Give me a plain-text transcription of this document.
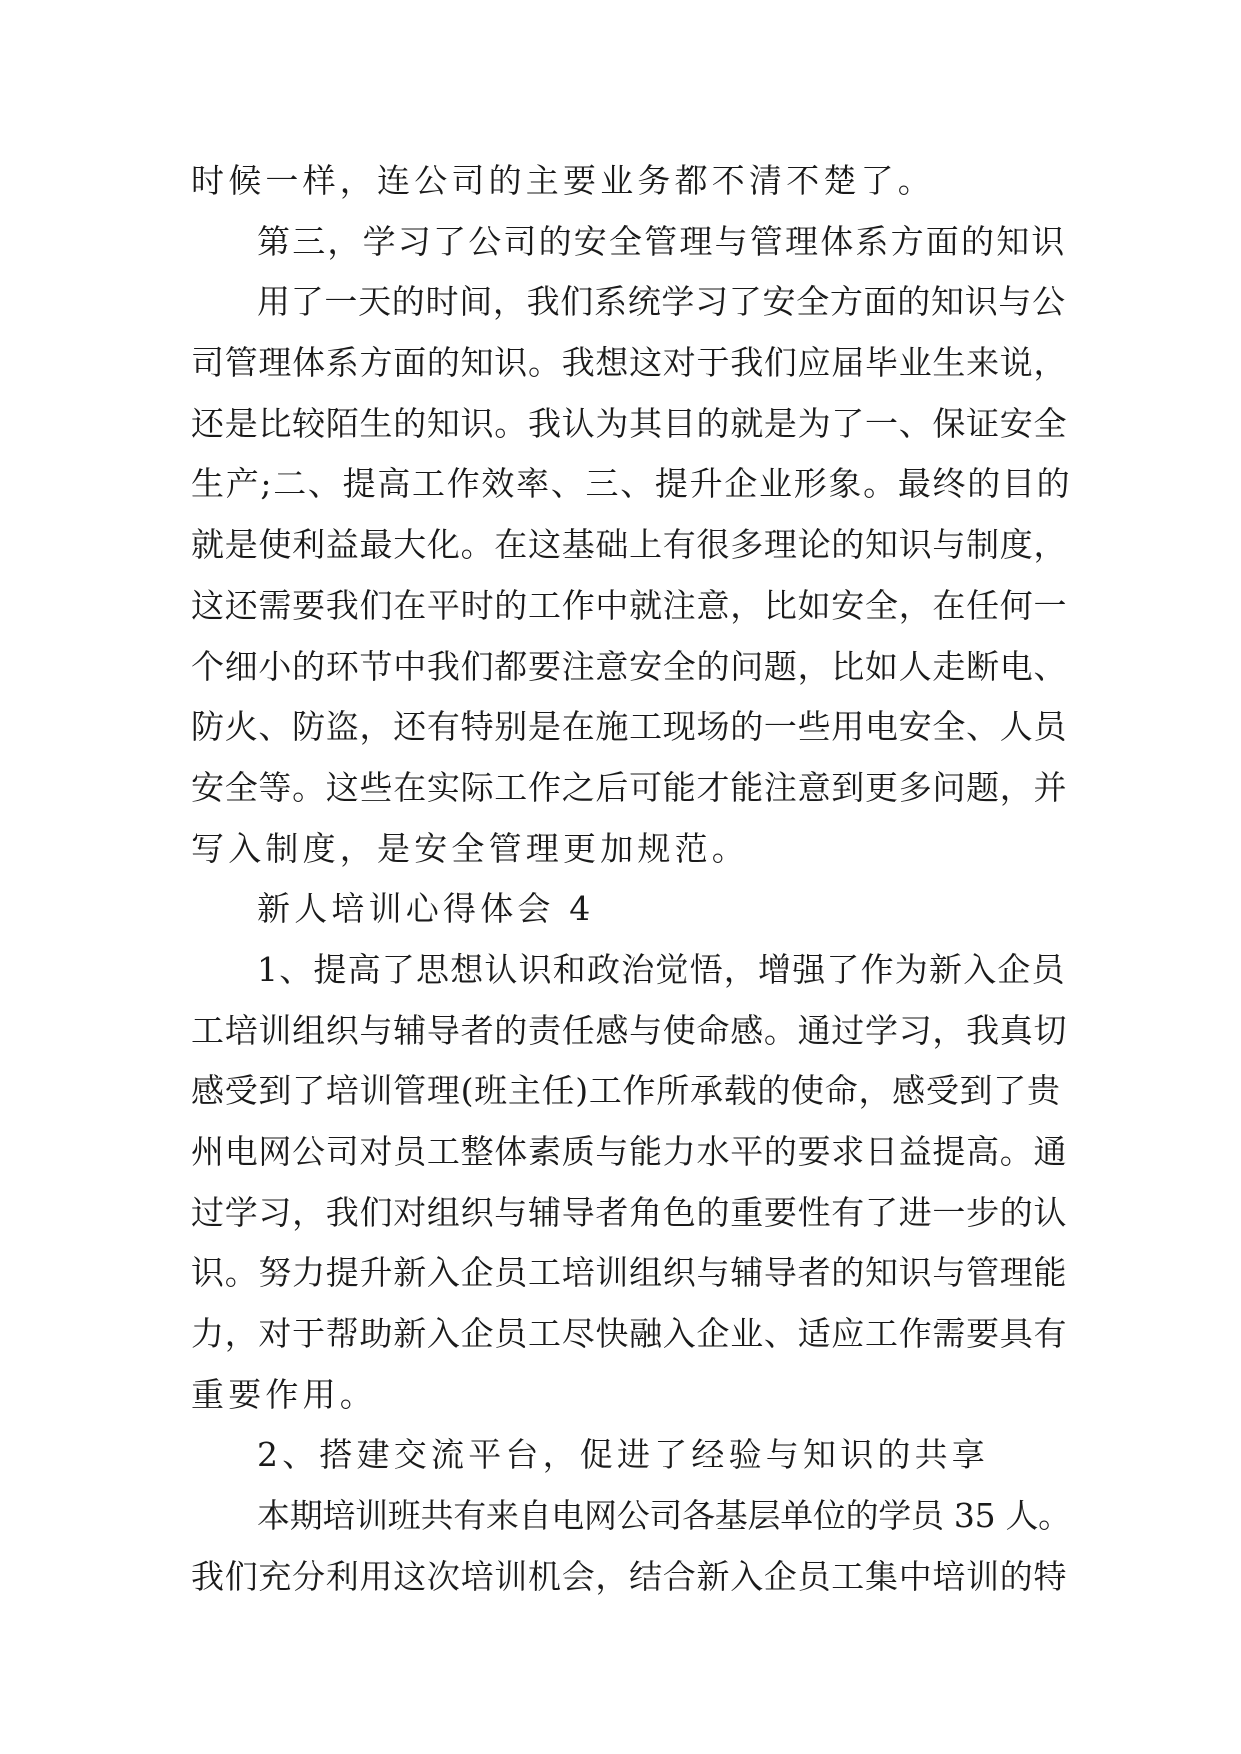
时候一样，连公司的主要业务都不清不楚了。
第三，学习了公司的安全管理与管理体系方面的知识
用了一天的时间，我们系统学习了安全方面的知识与公
司管理体系方面的知识。我想这对于我们应届毕业生来说，
还是比较陌生的知识。我认为其目的就是为了一、保证安全
生产;二、提高工作效率、三、提升企业形象。最终的目的
就是使利益最大化。在这基础上有很多理论的知识与制度，
这还需要我们在平时的工作中就注意，比如安全，在任何一
个细小的环节中我们都要注意安全的问题，比如人走断电、
防火、防盗，还有特别是在施工现场的一些用电安全、人员
安全等。这些在实际工作之后可能才能注意到更多问题，并
写入制度，是安全管理更加规范。
新人培训心得体会 4
1、提高了思想认识和政治觉悟，增强了作为新入企员
工培训组织与辅导者的责任感与使命感。通过学习，我真切
感受到了培训管理(班主任)工作所承载的使命，感受到了贵
州电网公司对员工整体素质与能力水平的要求日益提高。通
过学习，我们对组织与辅导者角色的重要性有了进一步的认
识。努力提升新入企员工培训组织与辅导者的知识与管理能
力，对于帮助新入企员工尽快融入企业、适应工作需要具有
重要作用。
2、搭建交流平台，促进了经验与知识的共享
本期培训班共有来自电网公司各基层单位的学员 35 人。
我们充分利用这次培训机会，结合新入企员工集中培训的特
